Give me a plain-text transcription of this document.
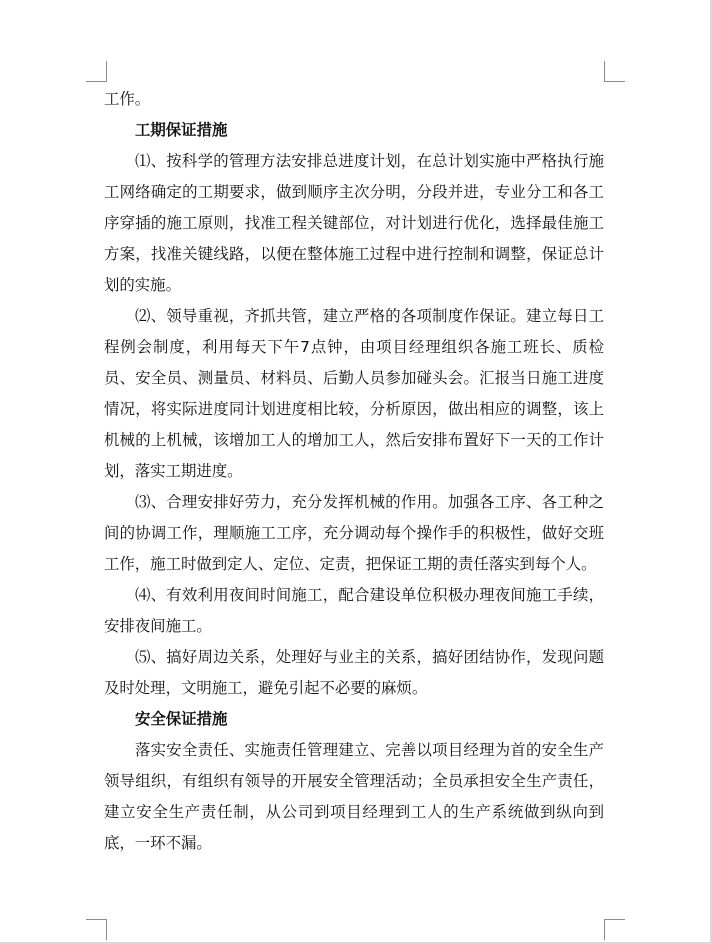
工作。

工期保证措施

⑴、按科学的管理方法安排总进度计划，在总计划实施中严格执行施工网络确定的工期要求，做到顺序主次分明，分段并进，专业分工和各工序穿插的施工原则，找准工程关键部位，对计划进行优化，选择最佳施工方案，找准关键线路，以便在整体施工过程中进行控制和调整，保证总计划的实施。

⑵、领导重视，齐抓共管，建立严格的各项制度作保证。建立每日工程例会制度，利用每天下午7点钟，由项目经理组织各施工班长、质检员、安全员、测量员、材料员、后勤人员参加碰头会。汇报当日施工进度情况，将实际进度同计划进度相比较，分析原因，做出相应的调整，该上机械的上机械，该增加工人的增加工人，然后安排布置好下一天的工作计划，落实工期进度。

⑶、合理安排好劳力，充分发挥机械的作用。加强各工序、各工种之间的协调工作，理顺施工工序，充分调动每个操作手的积极性，做好交班工作，施工时做到定人、定位、定责，把保证工期的责任落实到每个人。

⑷、有效利用夜间时间施工，配合建设单位积极办理夜间施工手续，安排夜间施工。

⑸、搞好周边关系，处理好与业主的关系，搞好团结协作，发现问题及时处理，文明施工，避免引起不必要的麻烦。

安全保证措施

落实安全责任、实施责任管理建立、完善以项目经理为首的安全生产领导组织，有组织有领导的开展安全管理活动；全员承担安全生产责任，建立安全生产责任制，从公司到项目经理到工人的生产系统做到纵向到底，一环不漏。
